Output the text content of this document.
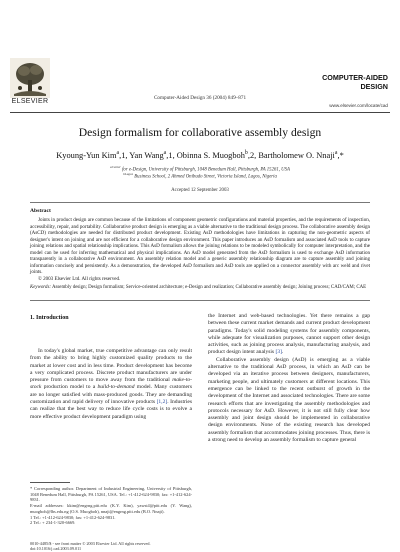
ELSEVIER	Computer-Aided Design 36 (2004) 849–871
COMPUTER-AIDED
DESIGN
www.elsevier.com/locate/cad
Design formalism for collaborative assembly design
Kyoung-Yun Kim$^a$,1, Yan Wang$^a$,1, Obinna S. Muogboh$^b$,2, Bartholomew O. Nnaji$^a$,*
$^{aCenter}$ for e-Design, University of Pittsburgh, 1048 Benedum Hall, Pittsburgh, PA 15261, USA
$^{bLagos}$ Business School, 2 Ahmed Onibudo Street, Victoria Island, Lagos, Nigeria
Accepted 12 September 2003
Abstract

Joints in product design are common because of the limitations of component geometric configurations and material properties, and the requirements of inspection, accessibility, repair, and portability. Collaborative product design is emerging as a viable alternative to the traditional design process. The collaborative assembly design (AsCD) methodologies are needed for distributed product development. Existing AsD methodologies have limitations in capturing the non-geometric aspects of designer's intent on joining and are not efficient for a collaborative design environment. This paper introduces an AsD formalism and associated AsD tools to capture joining relations and spatial relationship implications. This AsD formalism allows the joining relations to be modeled symbolically for computer interpretation, and the model can be used for inferring mathematical and physical implications. An AsD model generated from the AsD formalism is used to exchange AsD information transparently in a collaborative AsD environment. An assembly relation model and a generic assembly relationship diagram are to capture assembly and joining information concisely and persistently. As a demonstration, the developed AsD formalism and AsD tools are applied on a connector assembly with arc weld and rivet joints.

© 2003 Elsevier Ltd. All rights reserved.

Keywords: Assembly design; Design formalism; Service-oriented architecture; e-Design and realization; Collaborative assembly design; Joining process; CAD/CAM; CAE
1. Introduction

In today's global market, true competitive advantage can only result from the ability to bring highly customized quality products to the market at lower cost and in less time. Product development has become a very complicated process. Discrete product manufacturers are under pressure from customers to move away from the traditional make-to-stock production model to a build-to-demand model. Many customers are no longer satisfied with mass-produced goods. They are demanding customization and rapid delivery of innovative products [1,2]. Industries can realize that the best way to reduce life cycle costs is to evolve a more effective product development paradigm using

the Internet and web-based technologies. Yet there remains a gap between these current market demands and current product development paradigms. Today's solid modeling systems for assembly components, while adequate for visualization purposes, cannot support other design activities, such as joining process analysis, manufacturing analysis, and product design intent analysis [3].

Collaborative assembly design (AsD) is emerging as a viable alternative to the traditional AsD process, in which an AsD can be developed via an iterative process between designers, manufacturers, marketing people, and ultimately customers at different locations. This emergence can be linked to the recent outburst of growth in the development of the Internet and associated technologies. There are some research efforts that are investigating the assembly methodologies and protocols necessary for AsD. However, it is not still fully clear how assembly and joint design should be implemented in collaborative design environments. None of the existing research has developed assembly formalism that accommodates joining processes. Thus, there is a strong need to develop an assembly formalism to capture general

* Corresponding author. Department of Industrial Engineering, University of Pittsburgh, 1048 Benedum Hall, Pittsburgh, PA 15261, USA. Tel.: +1-412-624-9830; fax: +1-412-624-9831.

E-mail addresses: kkim@engrng.pitt.edu (K.Y. Kim), yawst4@pitt.edu (Y. Wang), muogboh@lbs.edu.ng (O.S. Muogboh), nnaji@engrng.pitt.edu (B.O. Nnaji).

1 Tel.: +1-412-624-9830; fax: +1-412-624-9831.

2 Tel.: + 234-1-320-6669.

0010-4485/$ - see front matter © 2003 Elsevier Ltd. All rights reserved.
doi:10.1016/j.cad.2003.09.011
